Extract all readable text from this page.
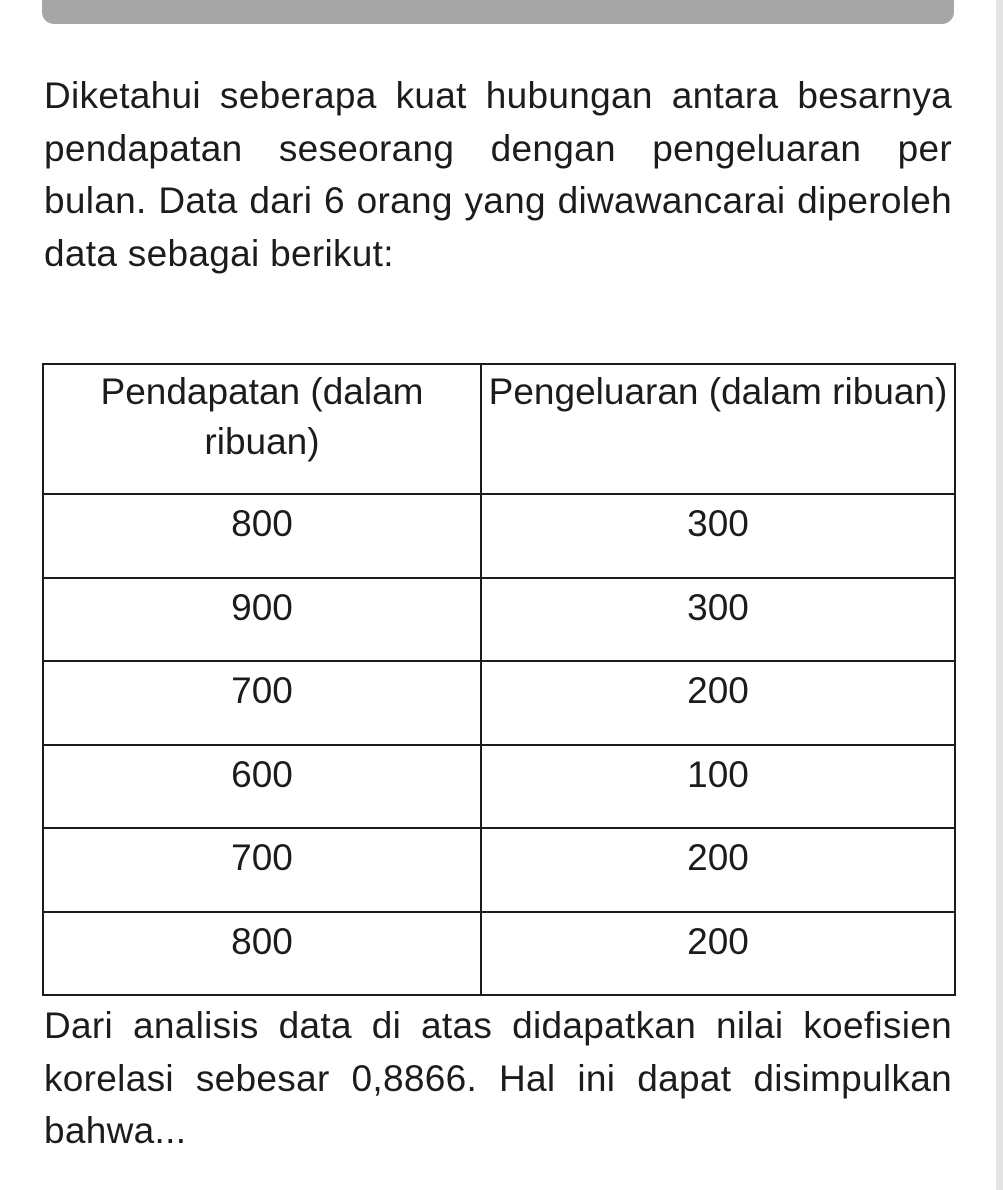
Diketahui seberapa kuat hubungan antara besarnya pendapatan seseorang dengan pengeluaran per bulan. Data dari 6 orang yang diwawancarai diperoleh data sebagai berikut:

Pendapatan (dalam ribuan)	Pengeluaran (dalam ribuan)
800	300
900	300
700	200
600	100
700	200
800	200

Dari analisis data di atas didapatkan nilai koefisien korelasi sebesar 0,8866. Hal ini dapat disimpulkan bahwa...
